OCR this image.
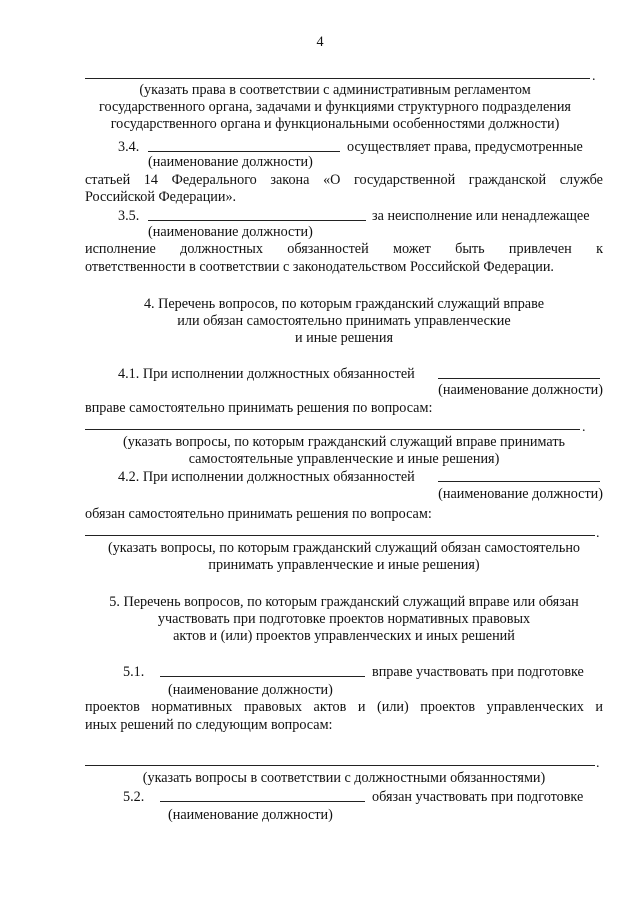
4
.
(указать права в соответствии с административным регламентом
государственного органа, задачами и функциями структурного подразделения
государственного органа и функциональными особенностями должности)
3.4.	осуществляет права, предусмотренные
(наименование должности)
статьей 14 Федерального закона «О государственной гражданской службе
Российской Федерации».
3.5.	за неисполнение или ненадлежащее
(наименование должности)
исполнение должностных обязанностей может быть привлечен к
ответственности в соответствии с законодательством Российской Федерации.
4. Перечень вопросов, по которым гражданский служащий вправе
или обязан самостоятельно принимать управленческие
и иные решения
4.1. При исполнении должностных обязанностей
(наименование должности)
вправе самостоятельно принимать решения по вопросам:
.
(указать вопросы, по которым гражданский служащий вправе принимать
самостоятельные управленческие и иные решения)
4.2. При исполнении должностных обязанностей
(наименование должности)
обязан самостоятельно принимать решения по вопросам:
.
(указать вопросы, по которым гражданский служащий обязан самостоятельно
принимать управленческие и иные решения)
5. Перечень вопросов, по которым гражданский служащий вправе или обязан
участвовать при подготовке проектов нормативных правовых
актов и (или) проектов управленческих и иных решений
5.1.	вправе участвовать при подготовке
(наименование должности)
проектов нормативных правовых актов и (или) проектов управленческих и
иных решений по следующим вопросам:
.
(указать вопросы в соответствии с должностными обязанностями)
5.2.	обязан участвовать при подготовке
(наименование должности)
